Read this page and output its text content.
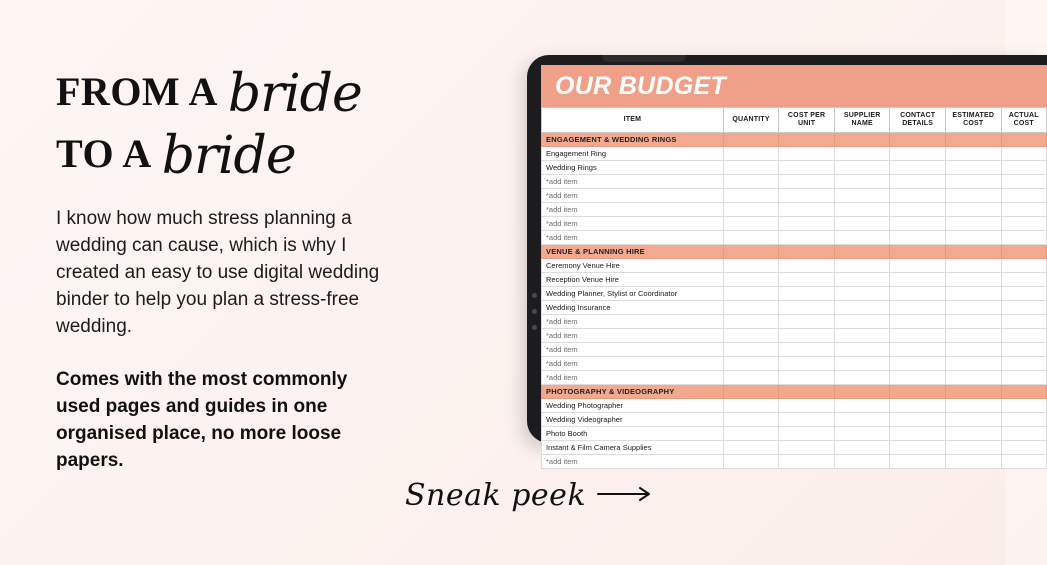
FROM A bride
TO A bride

I know how much stress planning a wedding can cause, which is why I created an easy to use digital wedding binder to help you plan a stress-free wedding.

Comes with the most commonly used pages and guides in one organised place, no more loose papers.

Sneak peek
OUR BUDGET
ITEM	QUANTITY	COST PER UNIT	SUPPLIER NAME	CONTACT DETAILS	ESTIMATED COST	ACTUAL COST
ENGAGEMENT & WEDDING RINGS						
Engagement Ring						
Wedding Rings						
*add item						
*add item						
*add item						
*add item						
*add item						
VENUE & PLANNING HIRE						
Ceremony Venue Hire						
Reception Venue Hire						
Wedding Planner, Stylist or Coordinator						
Wedding Insurance						
*add item						
*add item						
*add item						
*add item						
*add item						
PHOTOGRAPHY & VIDEOGRAPHY						
Wedding Photographer						
Wedding Videographer						
Photo Booth						
Instant & Film Camera Supplies						
*add item						
